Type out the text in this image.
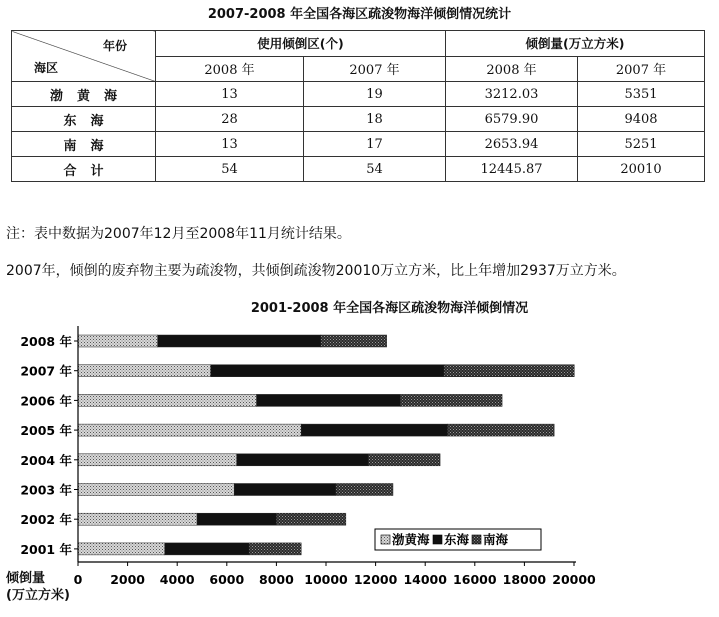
2007-2008 年全国各海区疏浚物海洋倾倒情况统计
年份
海区	使用倾倒区(个)		倾倒量(万立方米)	
	2008 年	2007 年	2008 年	2007 年
渤黄海	13	19	3212.03	5351
东海	28	18	6579.90	9408
南海	13	17	2653.94	5251
合计	54	54	12445.87	20010
注：表中数据为2007年12月至2008年11月统计结果。
2007年，倾倒的废弃物主要为疏浚物，共倾倒疏浚物20010万立方米，比上年增加2937万立方米。
2001-2008 年全国各海区疏浚物海洋倾倒情况
2008 年
2007 年
2006 年
2005 年
2004 年
2003 年
2002 年
2001 年
0 2000 4000 6000 8000 10000 12000 14000 16000 18000 20000
渤黄海 东海 南海
倾倒量
(万立方米)
